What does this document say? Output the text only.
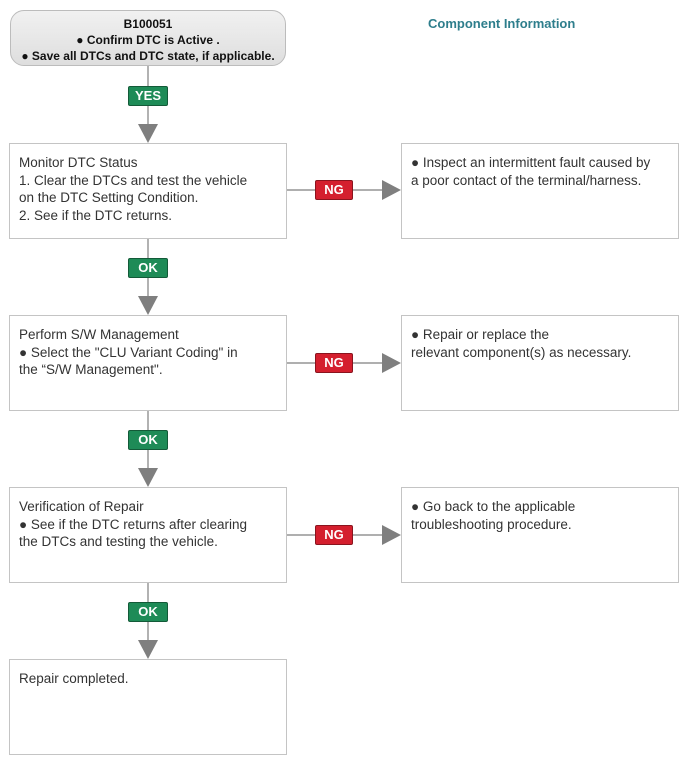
B100051
● Confirm DTC is Active .
● Save all DTCs and DTC state, if applicable.
Component Information
YES
OK
OK
OK
NG
NG
NG
Monitor DTC Status
1. Clear the DTCs and test the vehicle
on the DTC Setting Condition.
2. See if the DTC returns.
Perform S/W Management
● Select the "CLU Variant Coding" in
the “S/W Management".
Verification of Repair
● See if the DTC returns after clearing
the DTCs and testing the vehicle.
Repair completed.
● Inspect an intermittent fault caused by
a poor contact of the terminal/harness.
● Repair or replace the
relevant component(s) as necessary.
● Go back to the applicable
troubleshooting procedure.
